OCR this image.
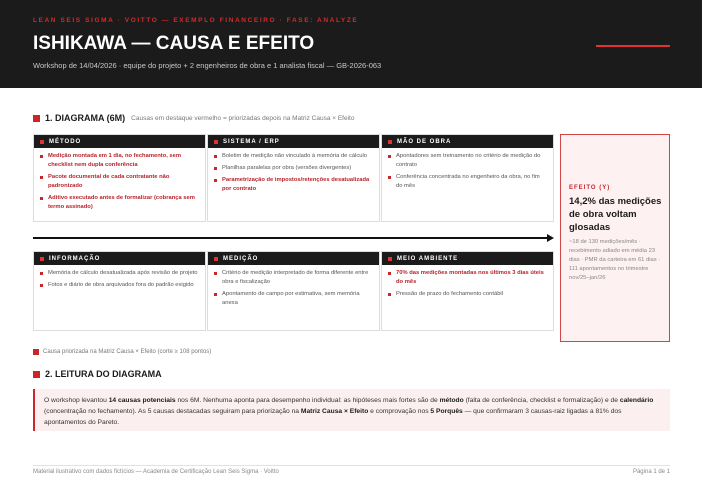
LEAN SEIS SIGMA · VOITTO — EXEMPLO FINANCEIRO · FASE: ANALYZE
ISHIKAWA — CAUSA E EFEITO
Workshop de 14/04/2026 · equipe do projeto + 2 engenheiros de obra e 1 analista fiscal — GB-2026-063
1. DIAGRAMA (6M) Causas em destaque vermelho = priorizadas depois na Matriz Causa × Efeito
MÉTODO
Medição montada em 1 dia, no fechamento, sem checklist nem dupla conferência
Pacote documental de cada contratante não padronizado
Aditivo executado antes de formalizar (cobrança sem termo assinado)
SISTEMA / ERP
Boletim de medição não vinculado à memória de cálculo
Planilhas paralelas por obra (versões divergentes)
Parametrização de impostos/retenções desatualizada por contrato
MÃO DE OBRA
Apontadores sem treinamento no critério de medição do contrato
Conferência concentrada no engenheiro da obra, no fim do mês
INFORMAÇÃO
Memória de cálculo desatualizada após revisão de projeto
Fotos e diário de obra arquivados fora do padrão exigido
MEDIÇÃO
Critério de medição interpretado de forma diferente entre obra e fiscalização
Apontamento de campo por estimativa, sem memória anexa
MEIO AMBIENTE
70% das medições montadas nos últimos 3 dias úteis do mês
Pressão de prazo do fechamento contábil
EFEITO (Y)
14,2% das medições de obra voltam glosadas
~18 de 130 medições/mês · recebimento adiado em média 23 dias · PMR da carteira em 61 dias · 111 apontamentos no trimestre nov/25–jan/26
Causa priorizada na Matriz Causa × Efeito (corte ≥ 108 pontos)
2. LEITURA DO DIAGRAMA
O workshop levantou 14 causas potenciais nos 6M. Nenhuma aponta para desempenho individual: as hipóteses mais fortes são de método (falta de conferência, checklist e formalização) e de calendário (concentração no fechamento). As 5 causas destacadas seguiram para priorização na Matriz Causa × Efeito e comprovação nos 5 Porquês — que confirmaram 3 causas-raiz ligadas a 81% dos apontamentos do Pareto.
Material ilustrativo com dados fictícios — Academia de Certificação Lean Seis Sigma · Voitto	Página 1 de 1
